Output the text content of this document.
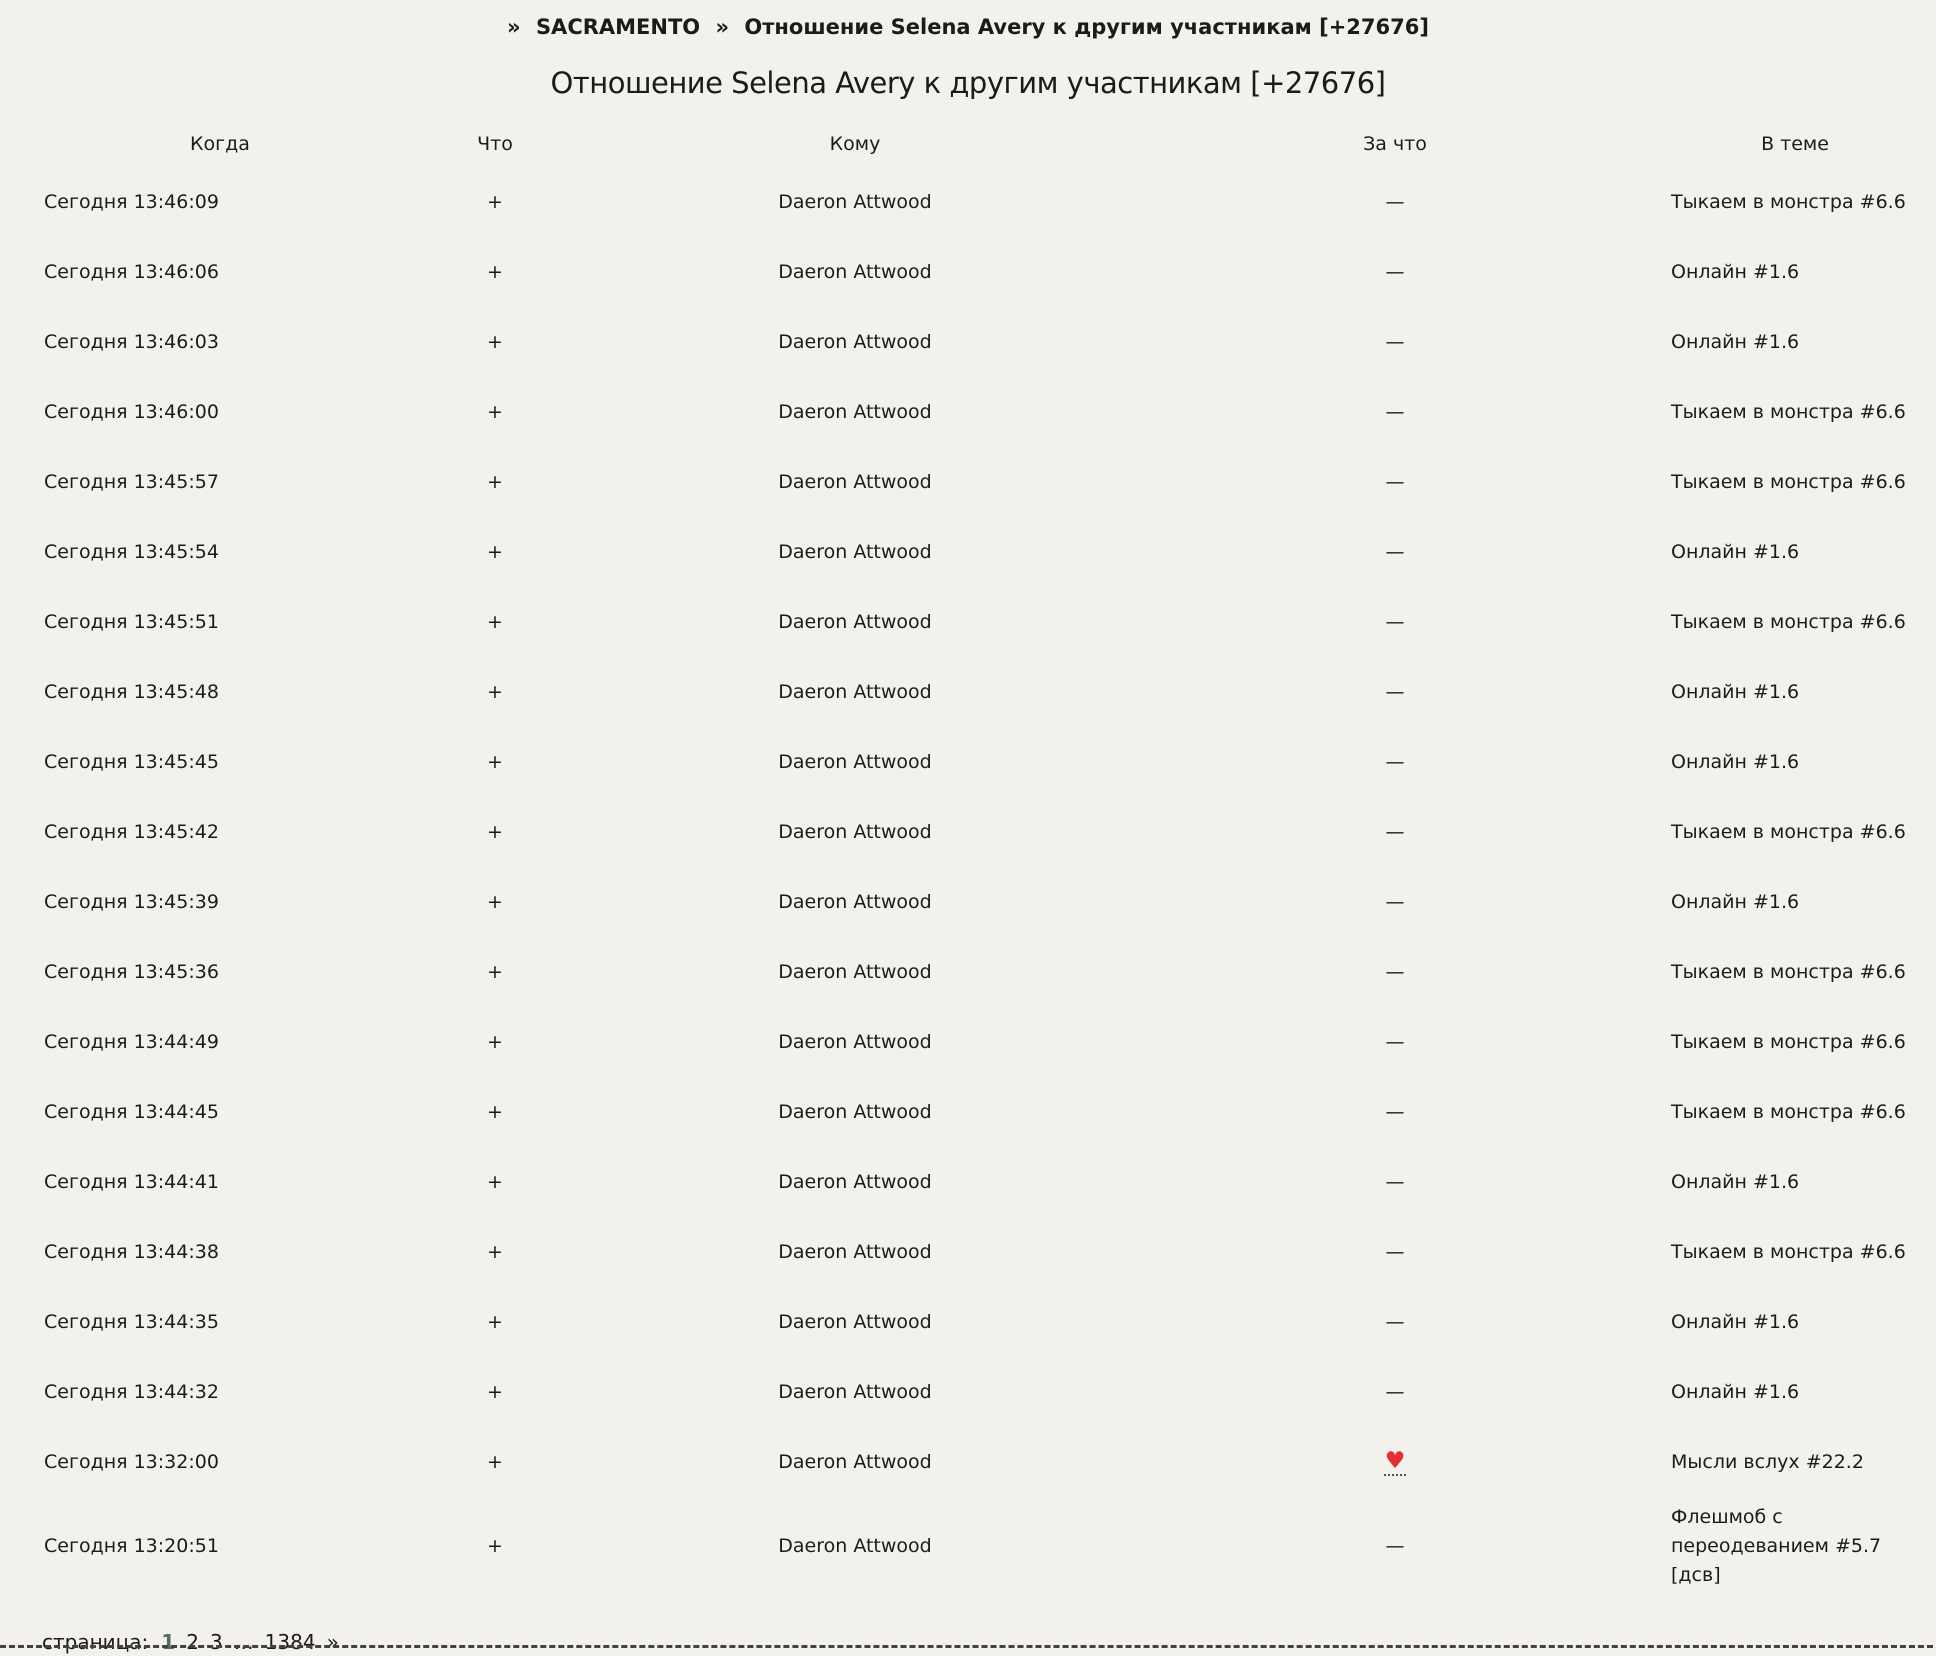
» SACRAMENTO » Отношение Selena Avery к другим участникам [+27676]
Отношение Selena Avery к другим участникам [+27676]
Когда	Что	Кому	За что	В теме
Сегодня 13:46:09	+	Daeron Attwood	—	Тыкаем в монстра #6.6
Сегодня 13:46:06	+	Daeron Attwood	—	Онлайн #1.6
Сегодня 13:46:03	+	Daeron Attwood	—	Онлайн #1.6
Сегодня 13:46:00	+	Daeron Attwood	—	Тыкаем в монстра #6.6
Сегодня 13:45:57	+	Daeron Attwood	—	Тыкаем в монстра #6.6
Сегодня 13:45:54	+	Daeron Attwood	—	Онлайн #1.6
Сегодня 13:45:51	+	Daeron Attwood	—	Тыкаем в монстра #6.6
Сегодня 13:45:48	+	Daeron Attwood	—	Онлайн #1.6
Сегодня 13:45:45	+	Daeron Attwood	—	Онлайн #1.6
Сегодня 13:45:42	+	Daeron Attwood	—	Тыкаем в монстра #6.6
Сегодня 13:45:39	+	Daeron Attwood	—	Онлайн #1.6
Сегодня 13:45:36	+	Daeron Attwood	—	Тыкаем в монстра #6.6
Сегодня 13:44:49	+	Daeron Attwood	—	Тыкаем в монстра #6.6
Сегодня 13:44:45	+	Daeron Attwood	—	Тыкаем в монстра #6.6
Сегодня 13:44:41	+	Daeron Attwood	—	Онлайн #1.6
Сегодня 13:44:38	+	Daeron Attwood	—	Тыкаем в монстра #6.6
Сегодня 13:44:35	+	Daeron Attwood	—	Онлайн #1.6
Сегодня 13:44:32	+	Daeron Attwood	—	Онлайн #1.6
Сегодня 13:32:00	+	Daeron Attwood	♥	Мысли вслух #22.2
Сегодня 13:20:51	+	Daeron Attwood	—	Флешмоб с переодеванием #5.7 [дсв]
страница: 1 2 3 … 1384 »
